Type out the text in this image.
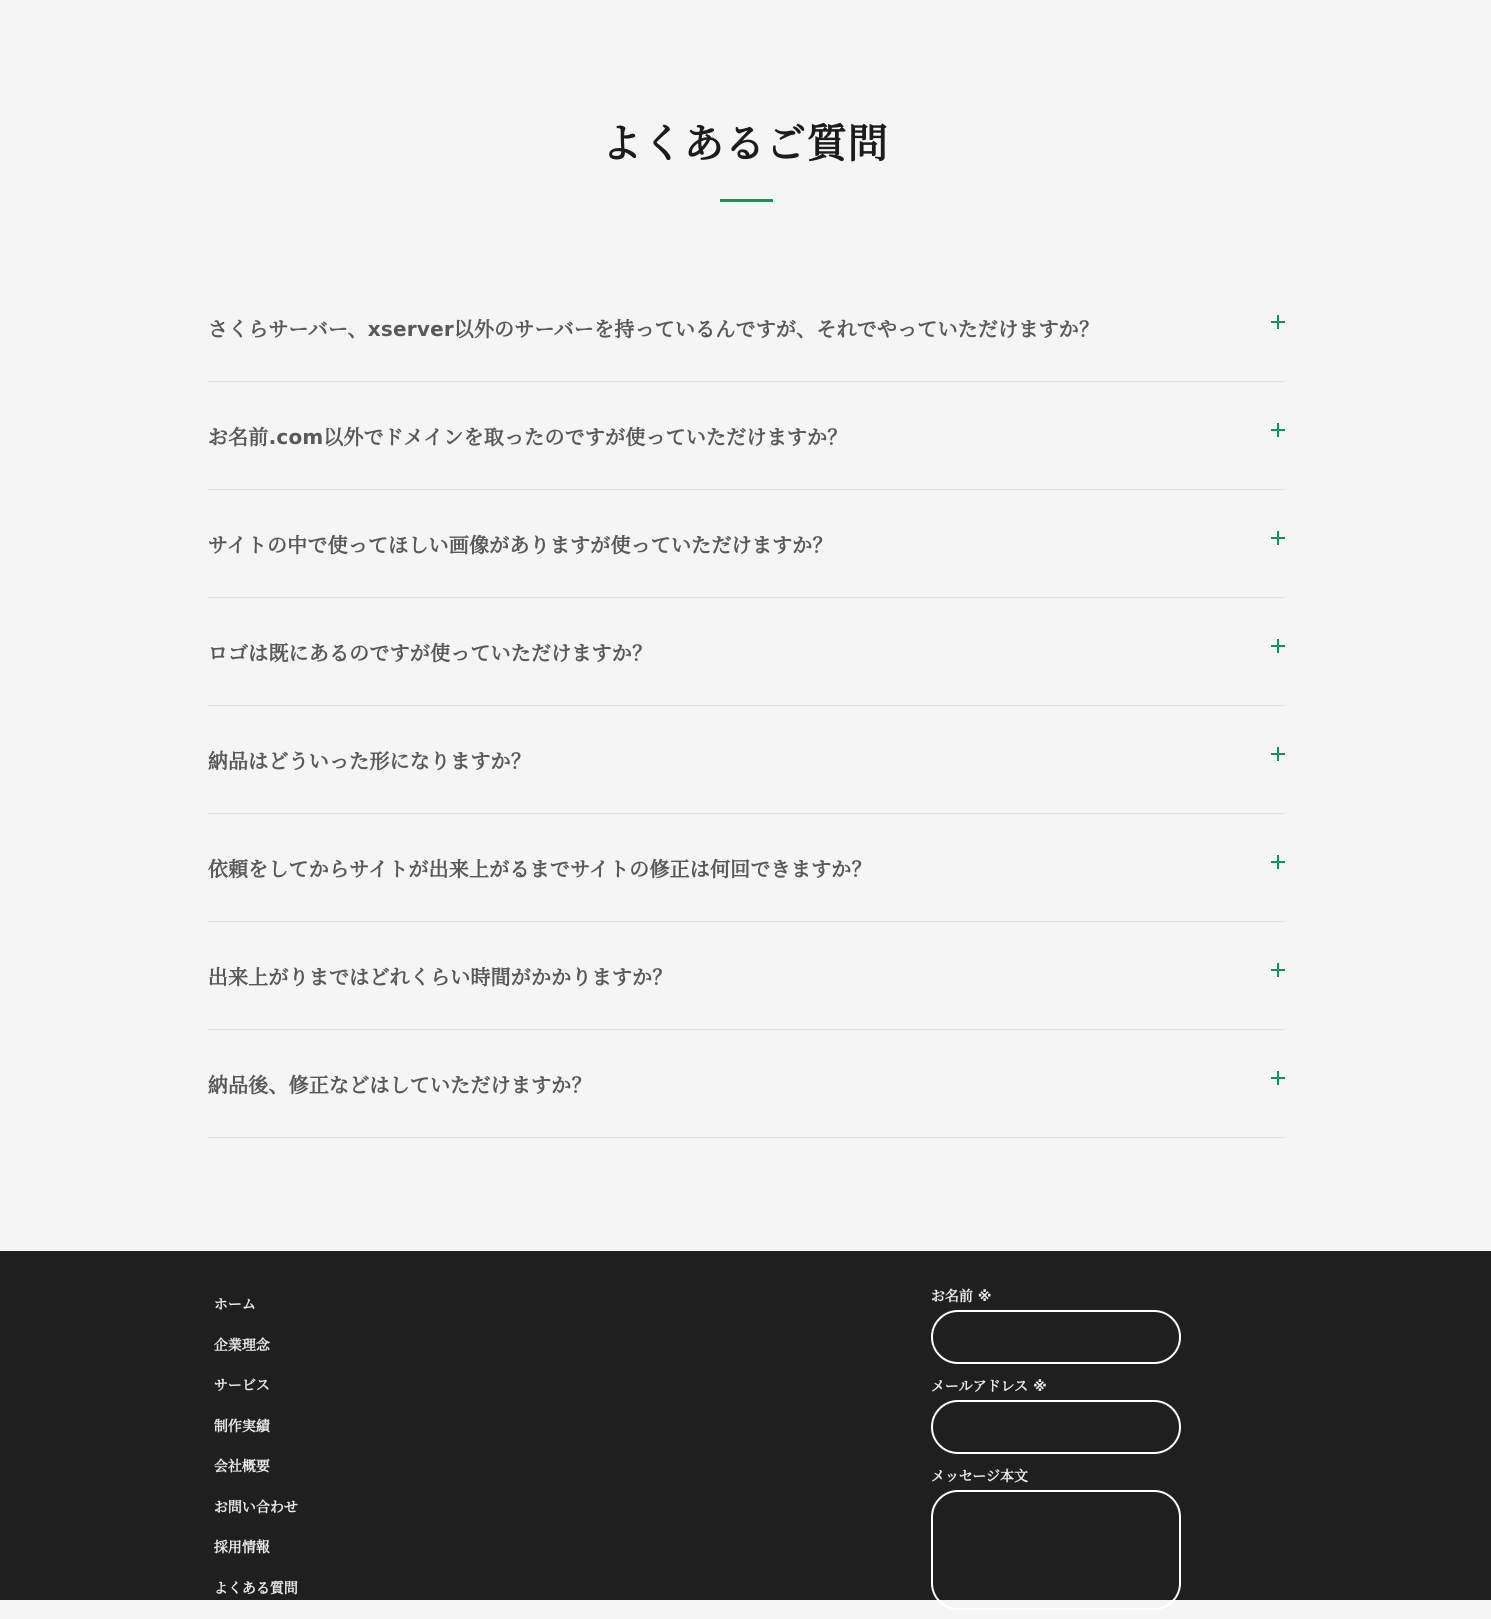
よくあるご質問
さくらサーバー、xserver以外のサーバーを持っているんですが、それでやっていただけますか？
お名前.com以外でドメインを取ったのですが使っていただけますか？
サイトの中で使ってほしい画像がありますが使っていただけますか？
ロゴは既にあるのですが使っていただけますか？
納品はどういった形になりますか？
依頼をしてからサイトが出来上がるまでサイトの修正は何回できますか？
出来上がりまではどれくらい時間がかかりますか？
納品後、修正などはしていただけますか？
ホーム
企業理念
サービス
制作実績
会社概要
お問い合わせ
採用情報
よくある質問
お名前 ※
メールアドレス ※
メッセージ本文
